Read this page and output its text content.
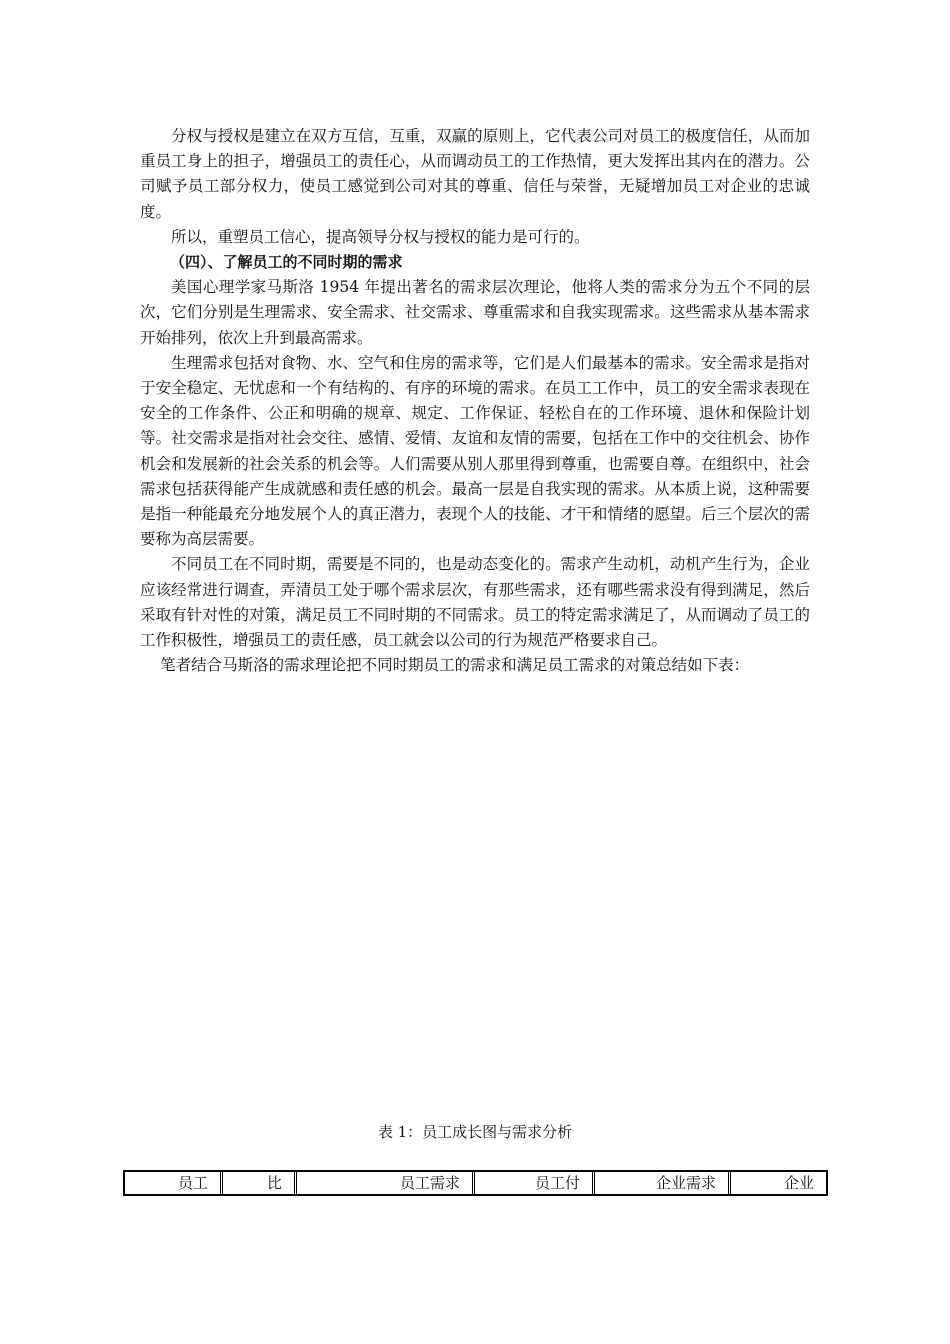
分权与授权是建立在双方互信，互重，双赢的原则上，它代表公司对员工的极度信任，从而加重员工身上的担子，增强员工的责任心，从而调动员工的工作热情，更大发挥出其内在的潜力。公司赋予员工部分权力，使员工感觉到公司对其的尊重、信任与荣誉，无疑增加员工对企业的忠诚度。

所以，重塑员工信心，提高领导分权与授权的能力是可行的。

（四）、了解员工的不同时期的需求

美国心理学家马斯洛 1954 年提出著名的需求层次理论，他将人类的需求分为五个不同的层次，它们分别是生理需求、安全需求、社交需求、尊重需求和自我实现需求。这些需求从基本需求开始排列，依次上升到最高需求。

生理需求包括对食物、水、空气和住房的需求等，它们是人们最基本的需求。安全需求是指对于安全稳定、无忧虑和一个有结构的、有序的环境的需求。在员工工作中，员工的安全需求表现在安全的工作条件、公正和明确的规章、规定、工作保证、轻松自在的工作环境、退休和保险计划等。社交需求是指对社会交往、感情、爱情、友谊和友情的需要，包括在工作中的交往机会、协作机会和发展新的社会关系的机会等。人们需要从别人那里得到尊重，也需要自尊。在组织中，社会需求包括获得能产生成就感和责任感的机会。最高一层是自我实现的需求。从本质上说，这种需要是指一种能最充分地发展个人的真正潜力，表现个人的技能、才干和情绪的愿望。后三个层次的需要称为高层需要。

不同员工在不同时期，需要是不同的，也是动态变化的。需求产生动机，动机产生行为，企业应该经常进行调查，弄清员工处于哪个需求层次，有那些需求，还有哪些需求没有得到满足，然后采取有针对性的对策，满足员工不同时期的不同需求。员工的特定需求满足了，从而调动了员工的工作积极性，增强员工的责任感，员工就会以公司的行为规范严格要求自己。

笔者结合马斯洛的需求理论把不同时期员工的需求和满足员工需求的对策总结如下表：

表 1：员工成长图与需求分析
员工	比	员工需求	员工付	企业需求	企业
